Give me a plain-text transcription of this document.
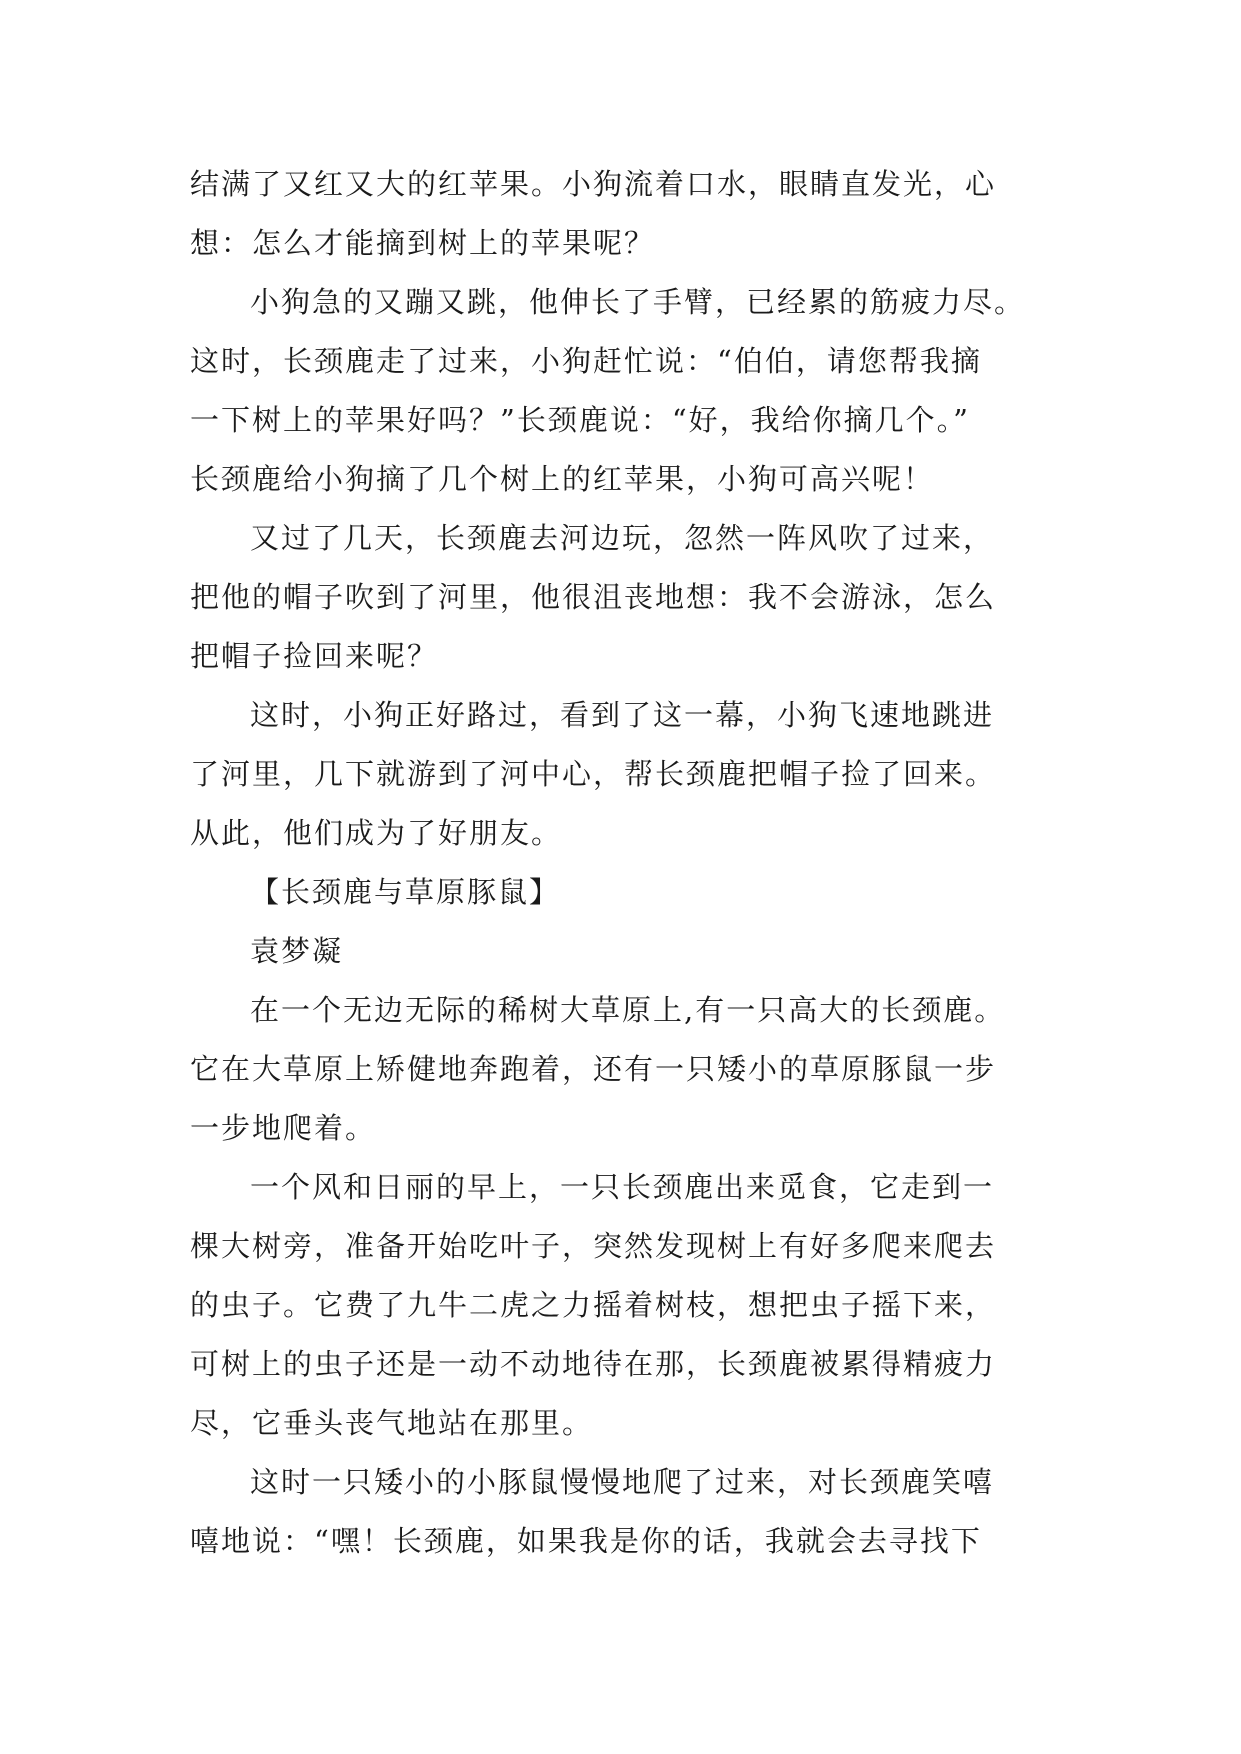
结满了又红又大的红苹果。小狗流着口水，眼睛直发光，心
想：怎么才能摘到树上的苹果呢？
小狗急的又蹦又跳，他伸长了手臂，已经累的筋疲力尽。
这时，长颈鹿走了过来，小狗赶忙说：“伯伯，请您帮我摘
一下树上的苹果好吗？”长颈鹿说：“好，我给你摘几个。”
长颈鹿给小狗摘了几个树上的红苹果，小狗可高兴呢！
又过了几天，长颈鹿去河边玩，忽然一阵风吹了过来，
把他的帽子吹到了河里，他很沮丧地想：我不会游泳，怎么
把帽子捡回来呢？
这时，小狗正好路过，看到了这一幕，小狗飞速地跳进
了河里，几下就游到了河中心，帮长颈鹿把帽子捡了回来。
从此，他们成为了好朋友。
【长颈鹿与草原豚鼠】
袁梦凝
在一个无边无际的稀树大草原上,有一只高大的长颈鹿。
它在大草原上矫健地奔跑着，还有一只矮小的草原豚鼠一步
一步地爬着。
一个风和日丽的早上，一只长颈鹿出来觅食，它走到一
棵大树旁，准备开始吃叶子，突然发现树上有好多爬来爬去
的虫子。它费了九牛二虎之力摇着树枝，想把虫子摇下来，
可树上的虫子还是一动不动地待在那，长颈鹿被累得精疲力
尽，它垂头丧气地站在那里。
这时一只矮小的小豚鼠慢慢地爬了过来，对长颈鹿笑嘻
嘻地说：“嘿！长颈鹿，如果我是你的话，我就会去寻找下
